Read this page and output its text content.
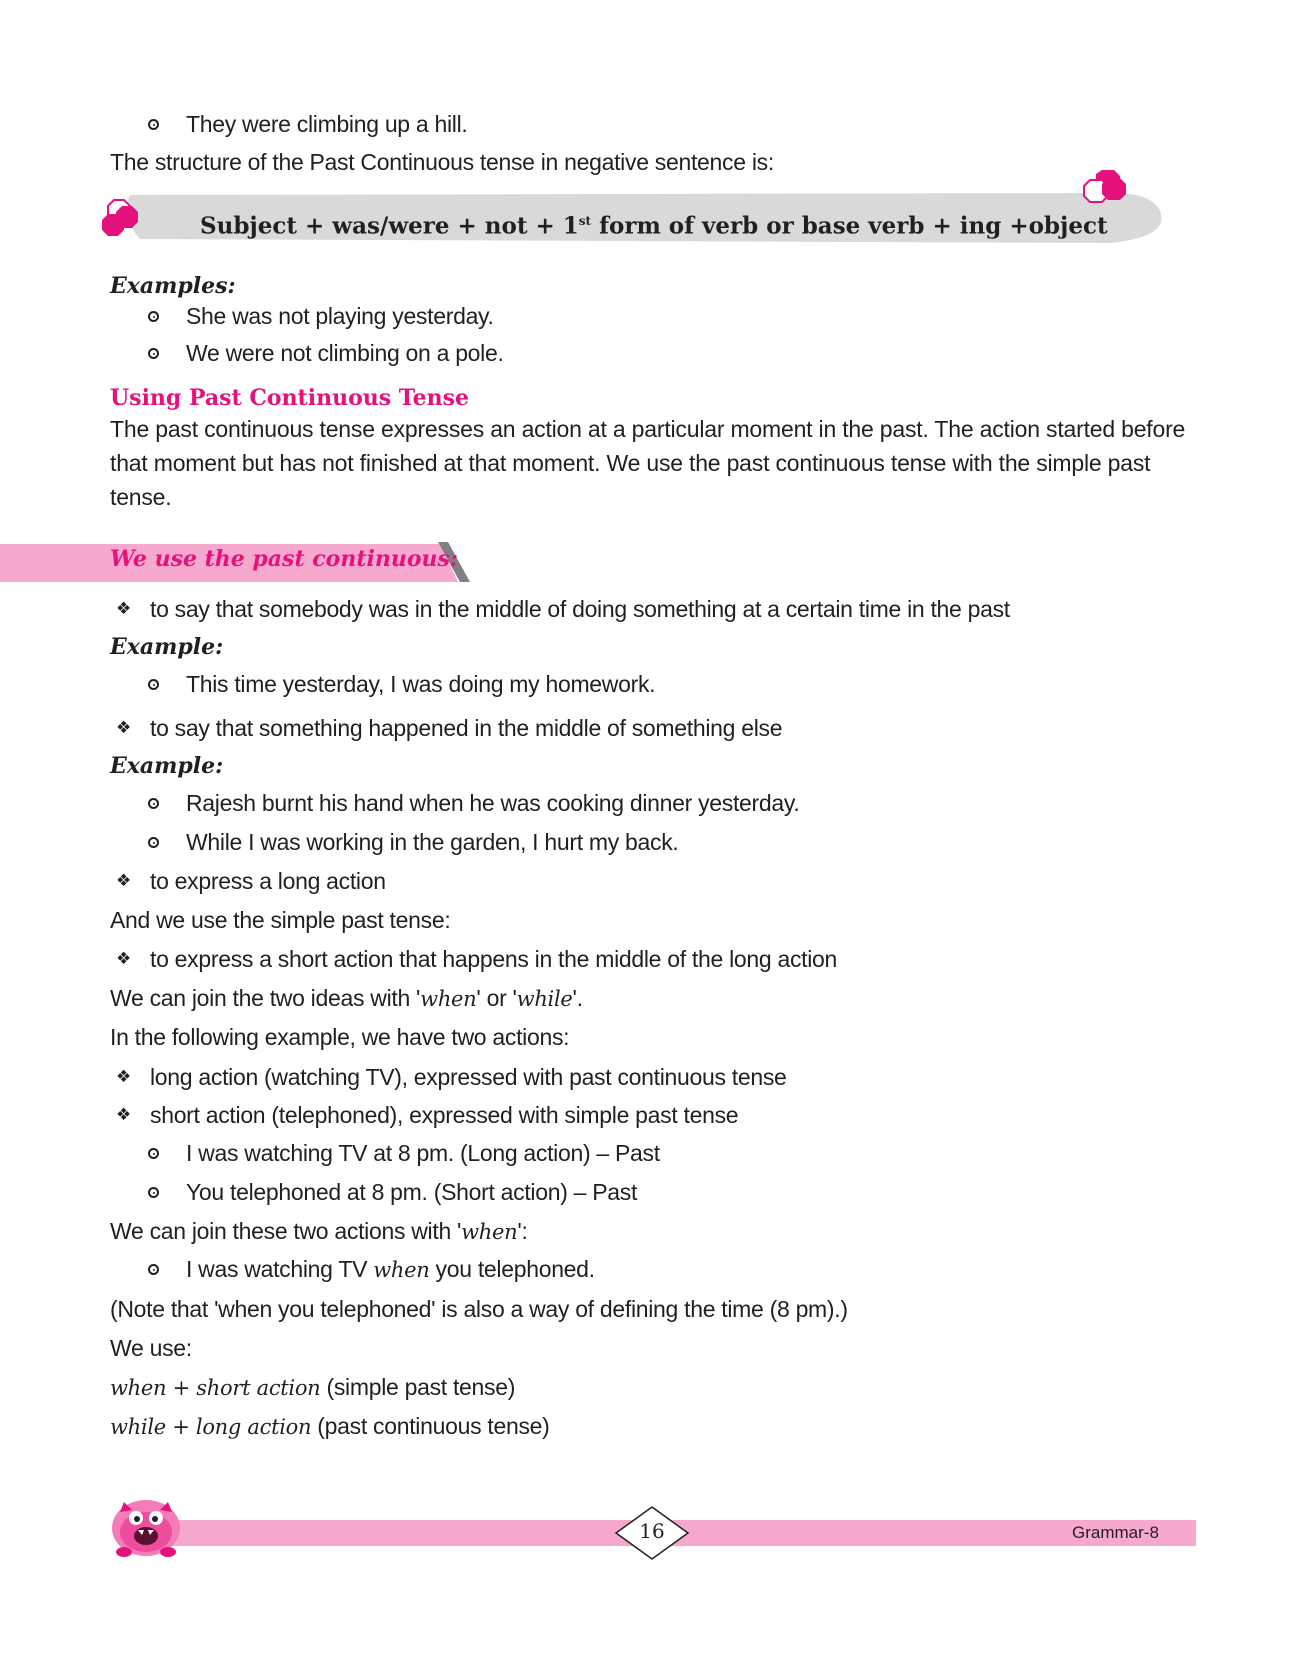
They were climbing up a hill.
The structure of the Past Continuous tense in negative sentence is:
Subject + was/were + not + 1st form of verb or base verb + ing +object
Examples:
She was not playing yesterday.
We were not climbing on a pole.
Using Past Continuous Tense
The past continuous tense expresses an action at a particular moment in the past. The action started before that moment but has not finished at that moment. We use the past continuous tense with the simple past tense.
We use the past continuous:
❖ to say that somebody was in the middle of doing something at a certain time in the past
Example:
This time yesterday, I was doing my homework.
❖ to say that something happened in the middle of something else
Example:
Rajesh burnt his hand when he was cooking dinner yesterday.
While I was working in the garden, I hurt my back.
❖ to express a long action
And we use the simple past tense:
❖ to express a short action that happens in the middle of the long action
We can join the two ideas with 'when' or 'while'.
In the following example, we have two actions:
❖ long action (watching TV), expressed with past continuous tense
❖ short action (telephoned), expressed with simple past tense
I was watching TV at 8 pm. (Long action) – Past
You telephoned at 8 pm. (Short action) – Past
We can join these two actions with 'when':
I was watching TV when you telephoned.
(Note that 'when you telephoned' is also a way of defining the time (8 pm).)
We use:
when + short action (simple past tense)
while + long action (past continuous tense)
16	Grammar-8
